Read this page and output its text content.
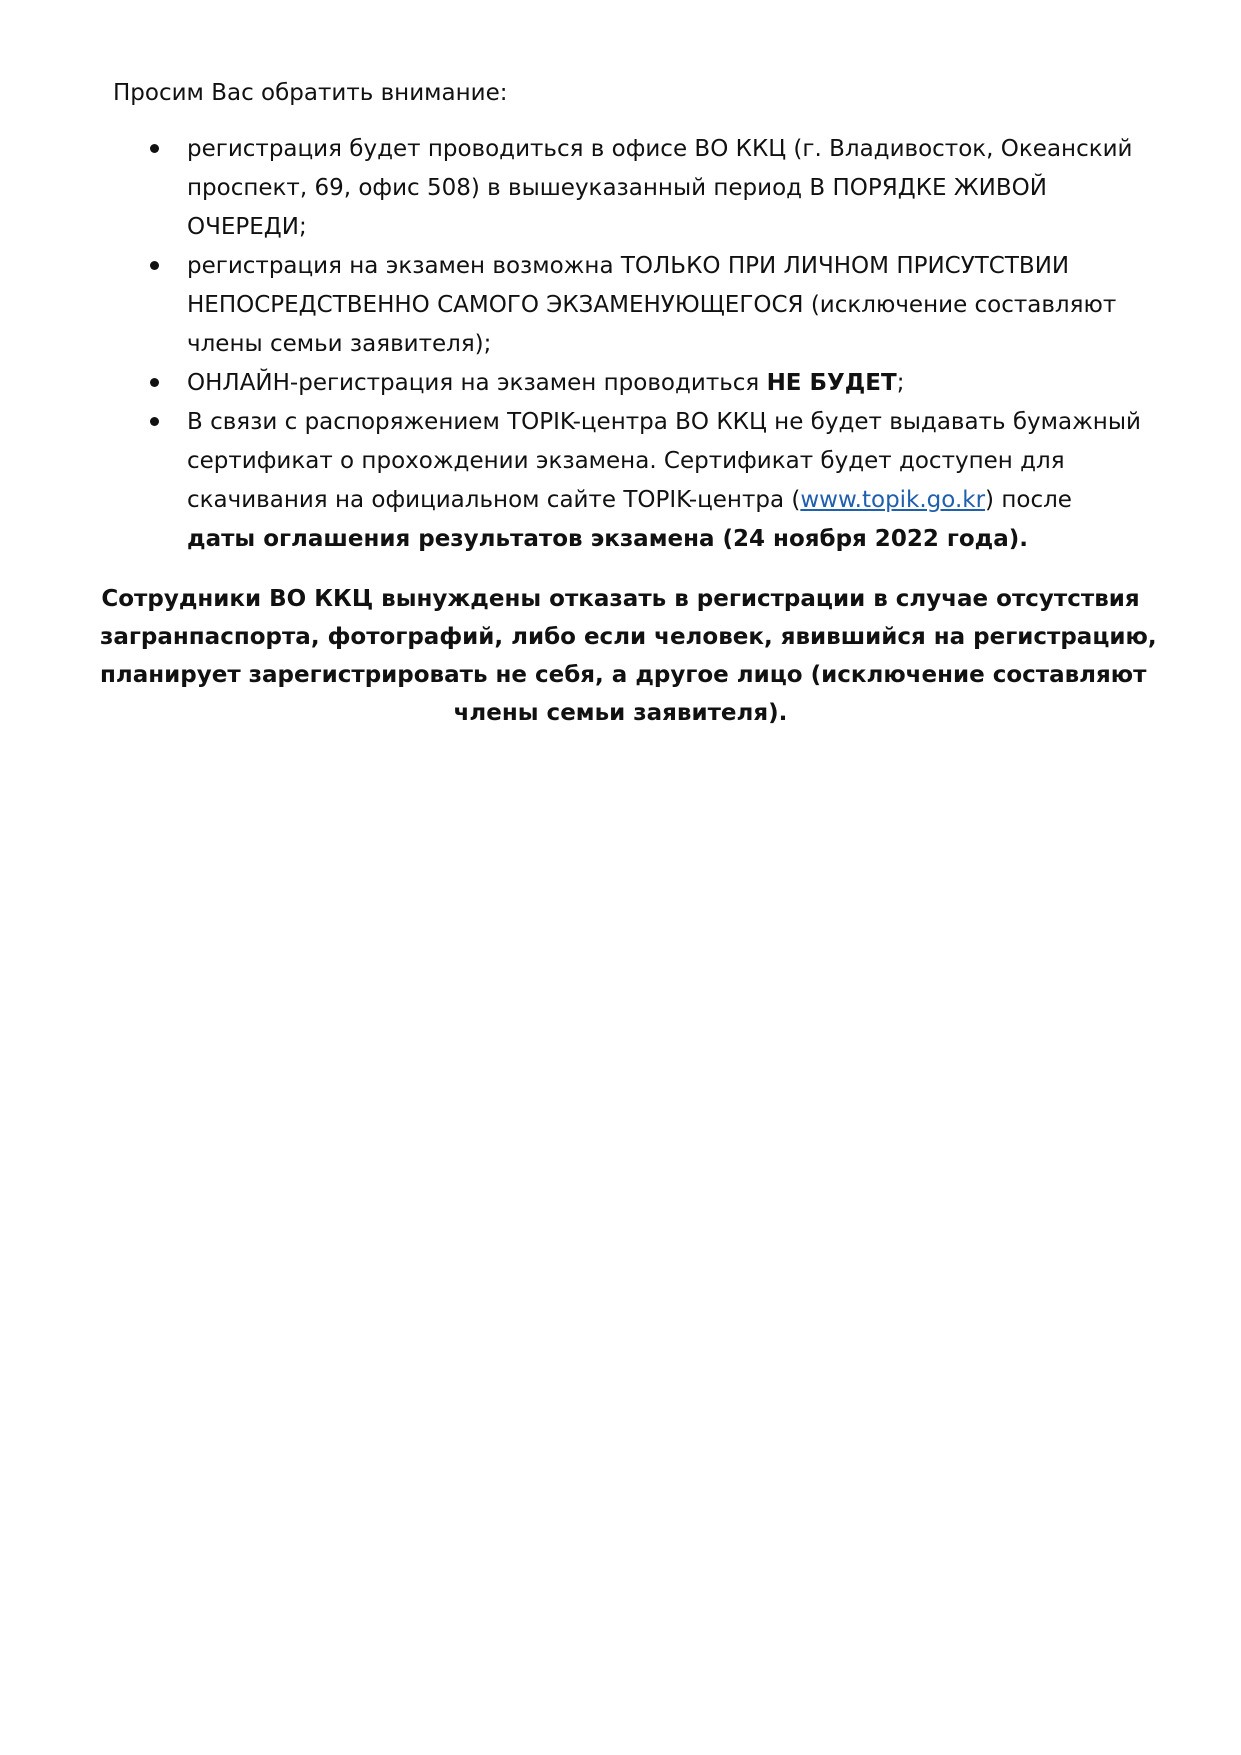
Просим Вас обратить внимание:

регистрация будет проводиться в офисе ВО ККЦ (г. Владивосток, Океанский
проспект, 69, офис 508) в вышеуказанный период В ПОРЯДКЕ ЖИВОЙ
ОЧЕРЕДИ;

регистрация на экзамен возможна ТОЛЬКО ПРИ ЛИЧНОМ ПРИСУТСТВИИ
НЕПОСРЕДСТВЕННО САМОГО ЭКЗАМЕНУЮЩЕГОСЯ (исключение составляют
члены семьи заявителя);

ОНЛАЙН-регистрация на экзамен проводиться НЕ БУДЕТ;

В связи с распоряжением TOPIK-центра ВО ККЦ не будет выдавать бумажный
сертификат о прохождении экзамена. Сертификат будет доступен для
скачивания на официальном сайте TOPIK-центра (www.topik.go.kr) после
даты оглашения результатов экзамена (24 ноября 2022 года).

Сотрудники ВО ККЦ вынуждены отказать в регистрации в случае отсутствия
загранпаспорта, фотографий, либо если человек, явившийся на регистрацию,
планирует зарегистрировать не себя, а другое лицо (исключение составляют
члены семьи заявителя).
